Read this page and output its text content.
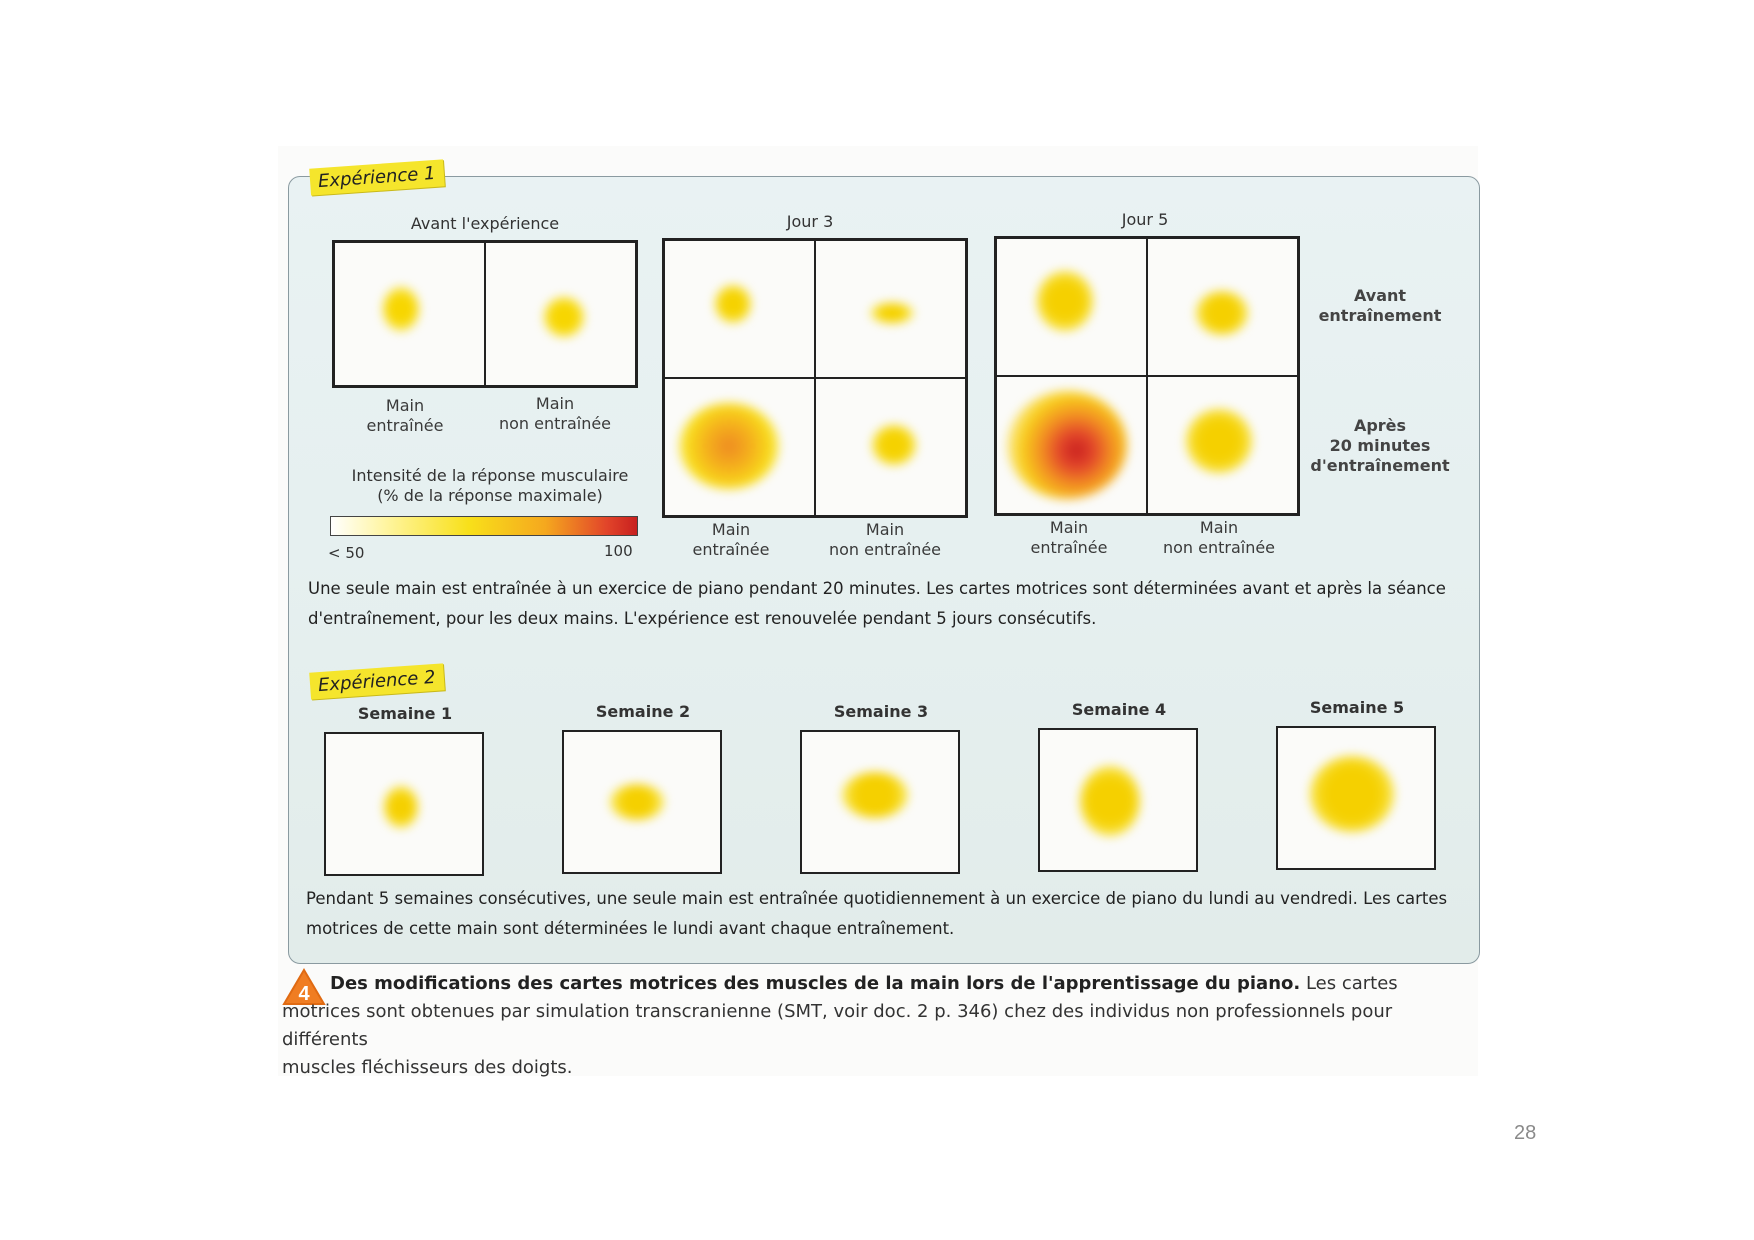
Expérience 1
Avant l'expérience	Jour 3	Jour 5
Main
entraînée
Main
non entraînée
Main
entraînée
Main
non entraînée
Main
entraînée
Main
non entraînée
Avant
entraînement
Après
20 minutes
d'entraînement
Intensité de la réponse musculaire
(% de la réponse maximale)
< 50	100
Une seule main est entraînée à un exercice de piano pendant 20 minutes. Les cartes motrices sont déterminées avant et après la séance
d'entraînement, pour les deux mains. L'expérience est renouvelée pendant 5 jours consécutifs.
Expérience 2
Semaine 1	Semaine 2	Semaine 3	Semaine 4	Semaine 5
Pendant 5 semaines consécutives, une seule main est entraînée quotidiennement à un exercice de piano du lundi au vendredi. Les cartes
motrices de cette main sont déterminées le lundi avant chaque entraînement.
4	Des modifications des cartes motrices des muscles de la main lors de l'apprentissage du piano. Les cartes
motrices sont obtenues par simulation transcranienne (SMT, voir doc. 2 p. 346) chez des individus non professionnels pour différents
muscles fléchisseurs des doigts.
28
